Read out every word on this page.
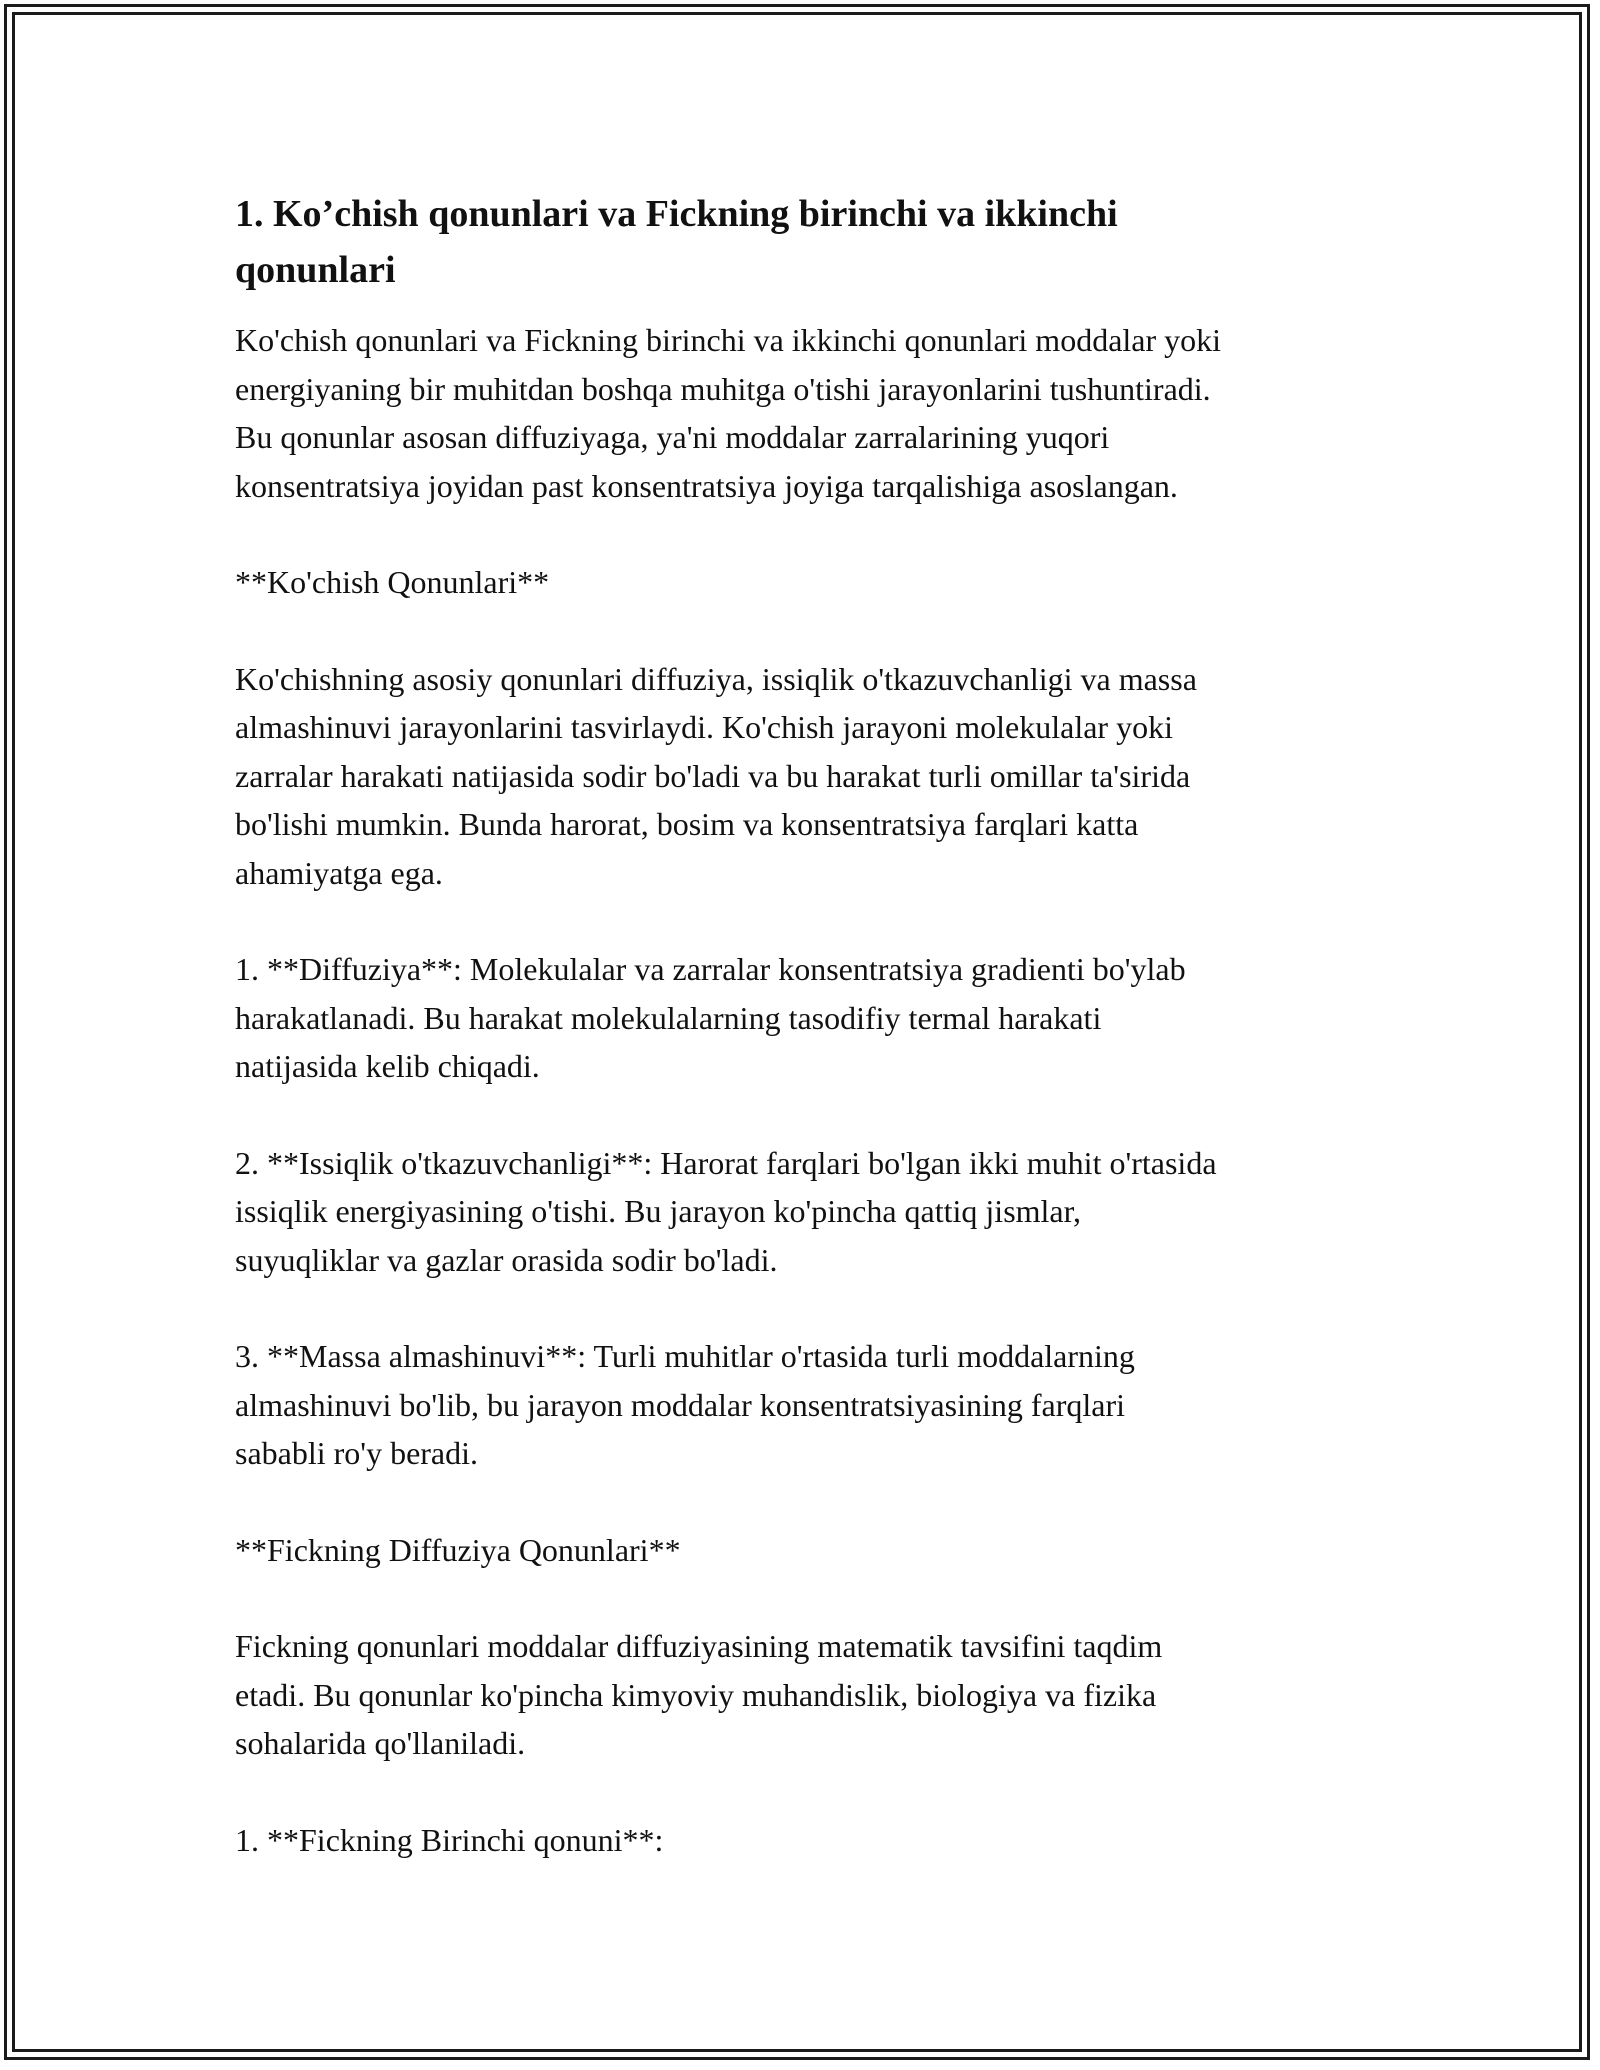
1. Ko’chish qonunlari va Fickning birinchi va ikkinchi qonunlari

Ko'chish qonunlari va Fickning birinchi va ikkinchi qonunlari moddalar yoki
energiyaning bir muhitdan boshqa muhitga o'tishi jarayonlarini tushuntiradi.
Bu qonunlar asosan diffuziyaga, ya'ni moddalar zarralarining yuqori
konsentratsiya joyidan past konsentratsiya joyiga tarqalishiga asoslangan.

**Ko'chish Qonunlari**

Ko'chishning asosiy qonunlari diffuziya, issiqlik o'tkazuvchanligi va massa
almashinuvi jarayonlarini tasvirlaydi. Ko'chish jarayoni molekulalar yoki
zarralar harakati natijasida sodir bo'ladi va bu harakat turli omillar ta'sirida
bo'lishi mumkin. Bunda harorat, bosim va konsentratsiya farqlari katta
ahamiyatga ega.

1. **Diffuziya**: Molekulalar va zarralar konsentratsiya gradienti bo'ylab
harakatlanadi. Bu harakat molekulalarning tasodifiy termal harakati
natijasida kelib chiqadi.

2. **Issiqlik o'tkazuvchanligi**: Harorat farqlari bo'lgan ikki muhit o'rtasida
issiqlik energiyasining o'tishi. Bu jarayon ko'pincha qattiq jismlar,
suyuqliklar va gazlar orasida sodir bo'ladi.

3. **Massa almashinuvi**: Turli muhitlar o'rtasida turli moddalarning
almashinuvi bo'lib, bu jarayon moddalar konsentratsiyasining farqlari
sababli ro'y beradi.

**Fickning Diffuziya Qonunlari**

Fickning qonunlari moddalar diffuziyasining matematik tavsifini taqdim
etadi. Bu qonunlar ko'pincha kimyoviy muhandislik, biologiya va fizika
sohalarida qo'llaniladi.

1. **Fickning Birinchi qonuni**:
